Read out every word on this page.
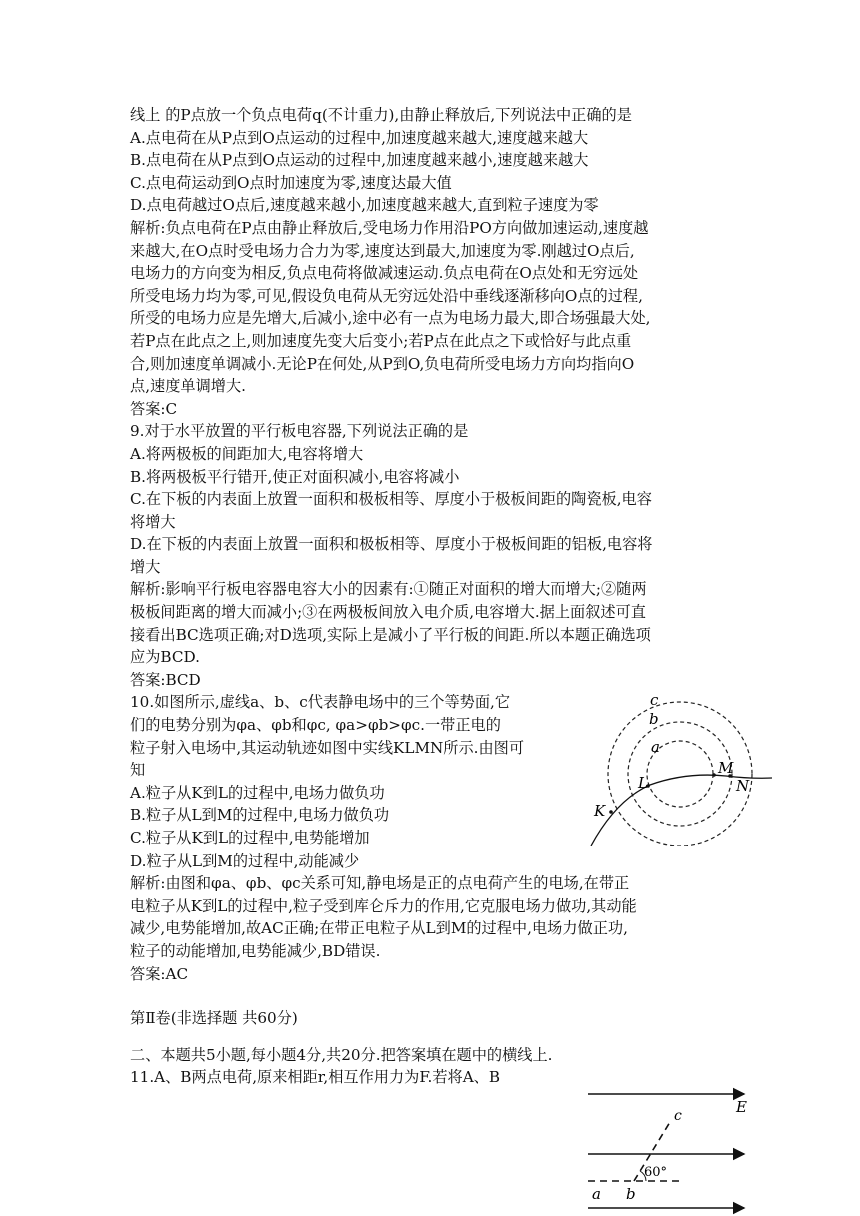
线上 的P点放一个负点电荷q(不计重力),由静止释放后,下列说法中正确的是
A.点电荷在从P点到O点运动的过程中,加速度越来越大,速度越来越大
B.点电荷在从P点到O点运动的过程中,加速度越来越小,速度越来越大
C.点电荷运动到O点时加速度为零,速度达最大值
D.点电荷越过O点后,速度越来越小,加速度越来越大,直到粒子速度为零
解析:负点电荷在P点由静止释放后,受电场力作用沿PO方向做加速运动,速度越
来越大,在O点时受电场力合力为零,速度达到最大,加速度为零.刚越过O点后,
电场力的方向变为相反,负点电荷将做减速运动.负点电荷在O点处和无穷远处
所受电场力均为零,可见,假设负电荷从无穷远处沿中垂线逐渐移向O点的过程,
所受的电场力应是先增大,后减小,途中必有一点为电场力最大,即合场强最大处,
若P点在此点之上,则加速度先变大后变小;若P点在此点之下或恰好与此点重
合,则加速度单调减小.无论P在何处,从P到O,负电荷所受电场力方向均指向O
点,速度单调增大.
答案:C
9.对于水平放置的平行板电容器,下列说法正确的是
A.将两极板的间距加大,电容将增大
B.将两极板平行错开,使正对面积减小,电容将减小
C.在下板的内表面上放置一面积和极板相等、厚度小于极板间距的陶瓷板,电容
将增大
D.在下板的内表面上放置一面积和极板相等、厚度小于极板间距的铝板,电容将
增大
解析:影响平行板电容器电容大小的因素有:①随正对面积的增大而增大;②随两
极板间距离的增大而减小;③在两极板间放入电介质,电容增大.据上面叙述可直
接看出BC选项正确;对D选项,实际上是减小了平行板的间距.所以本题正确选项
应为BCD.
答案:BCD
10.如图所示,虚线a、b、c代表静电场中的三个等势面,它
们的电势分别为φa、φb和φc, φa>φb>φc.一带正电的
粒子射入电场中,其运动轨迹如图中实线KLMN所示.由图可
知
A.粒子从K到L的过程中,电场力做负功
B.粒子从L到M的过程中,电场力做负功
C.粒子从K到L的过程中,电势能增加
D.粒子从L到M的过程中,动能减少
解析:由图和φa、φb、φc关系可知,静电场是正的点电荷产生的电场,在带正
电粒子从K到L的过程中,粒子受到库仑斥力的作用,它克服电场力做功,其动能
减少,电势能增加,故AC正确;在带正电粒子从L到M的过程中,电场力做正功,
粒子的动能增加,电势能减少,BD错误.
答案:AC
第Ⅱ卷(非选择题 共60分)
二、本题共5小题,每小题4分,共20分.把答案填在题中的横线上.
11.A、B两点电荷,原来相距r,相互作用力为F.若将A、B
c
b
a
L
M
N
K
E
c
60°
a b
